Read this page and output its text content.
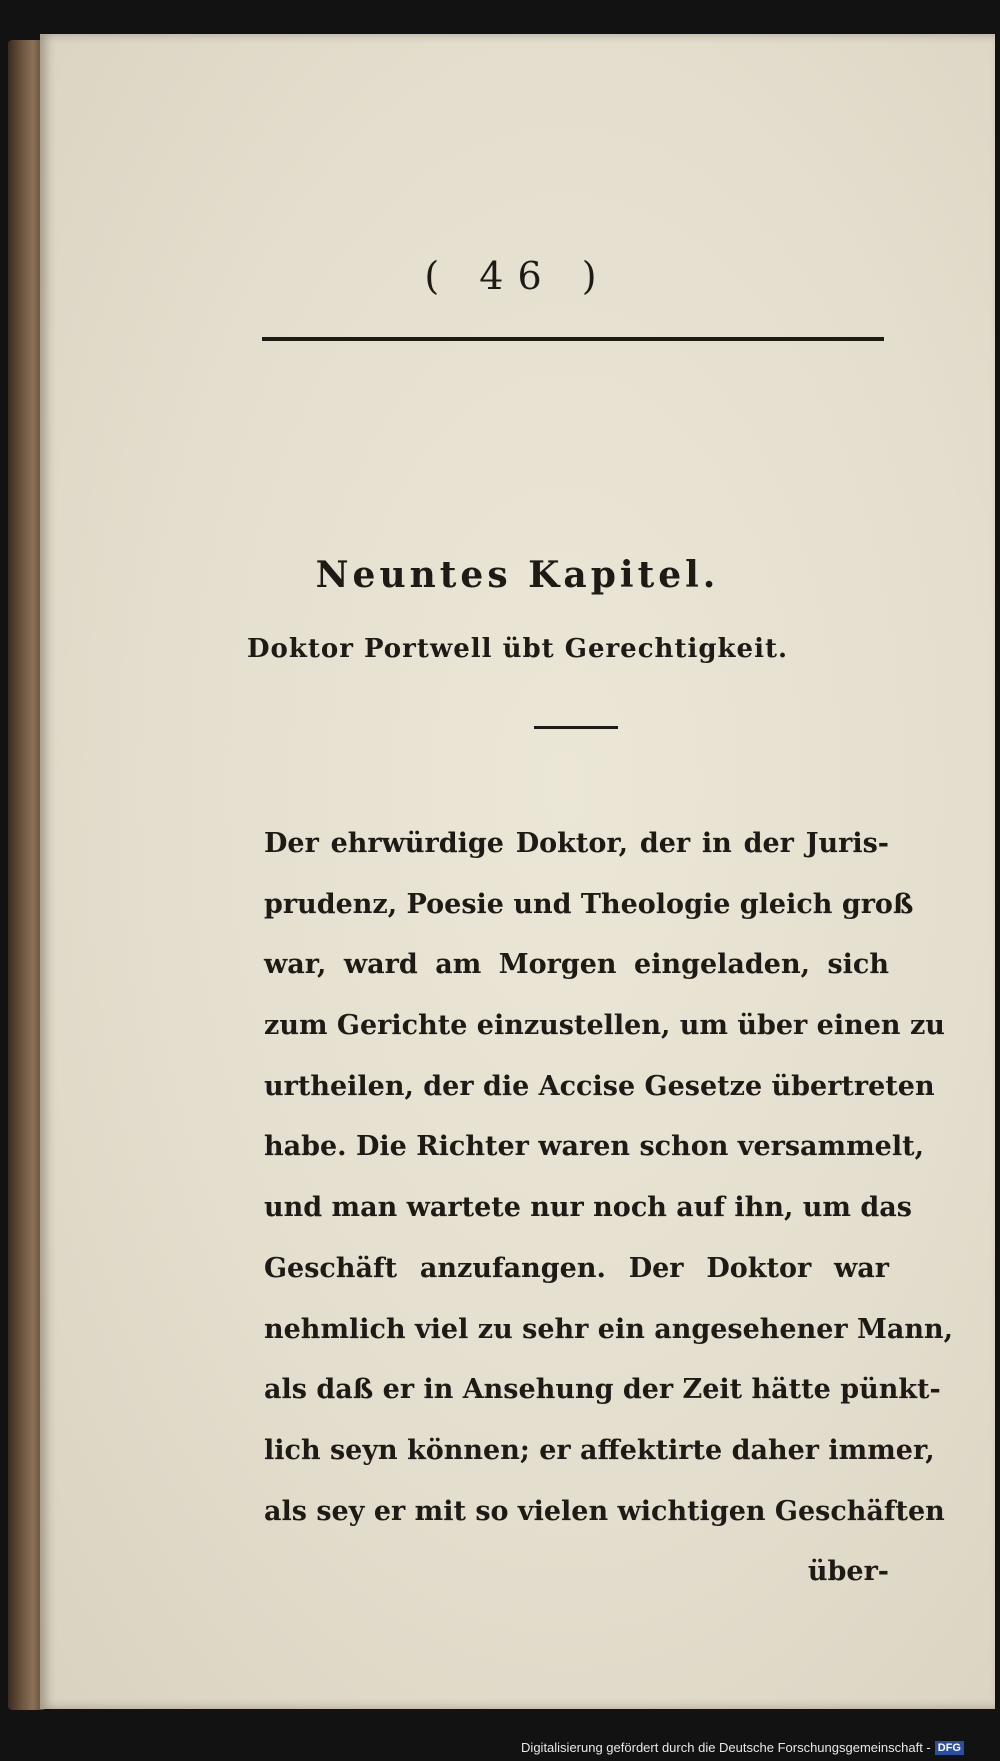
( 46 )
Neuntes Kapitel.
Doktor Portwell übt Gerechtigkeit.
Der ehrwürdige Doktor, der in der Juris-
prudenz, Poesie und Theologie gleich groß
war, ward am Morgen eingeladen, sich
zum Gerichte einzustellen, um über einen zu
urtheilen, der die Accise Gesetze übertreten
habe. Die Richter waren schon versammelt,
und man wartete nur noch auf ihn, um das
Geschäft anzufangen. Der Doktor war
nehmlich viel zu sehr ein angesehener Mann,
als daß er in Ansehung der Zeit hätte pünkt-
lich seyn können; er affektirte daher immer,
als sey er mit so vielen wichtigen Geschäften
über-
Digitalisierung gefördert durch die Deutsche Forschungsgemeinschaft - DFG
